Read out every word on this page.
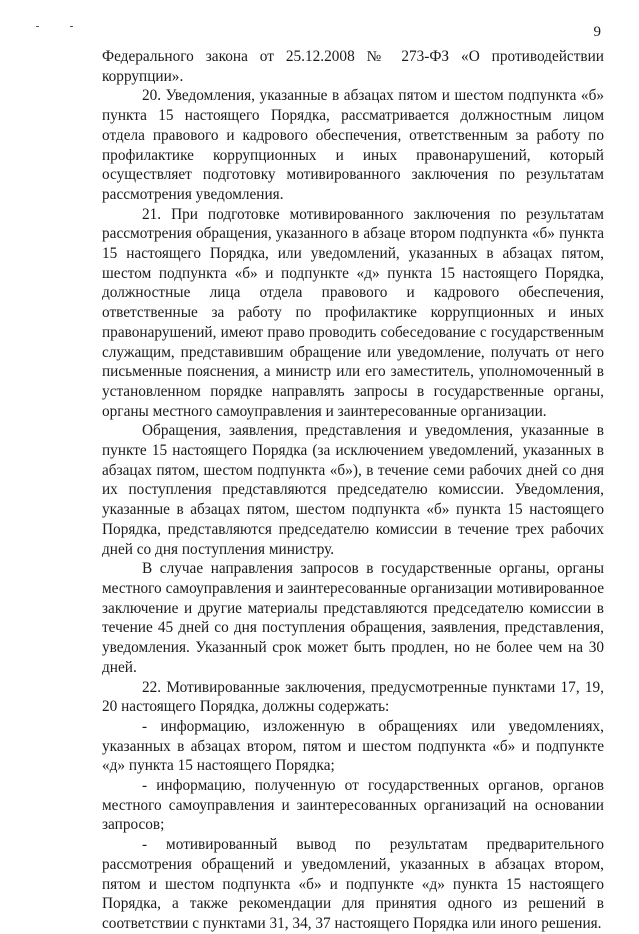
9

Федерального закона от 25.12.2008 № 273-ФЗ «О противодействии коррупции».

20. Уведомления, указанные в абзацах пятом и шестом подпункта «б» пункта 15 настоящего Порядка, рассматривается должностным лицом отдела правового и кадрового обеспечения, ответственным за работу по профилактике коррупционных и иных правонарушений, который осуществляет подготовку мотивированного заключения по результатам рассмотрения уведомления.

21. При подготовке мотивированного заключения по результатам рассмотрения обращения, указанного в абзаце втором подпункта «б» пункта 15 настоящего Порядка, или уведомлений, указанных в абзацах пятом, шестом подпункта «б» и подпункте «д» пункта 15 настоящего Порядка, должностные лица отдела правового и кадрового обеспечения, ответственные за работу по профилактике коррупционных и иных правонарушений, имеют право проводить собеседование с государственным служащим, представившим обращение или уведомление, получать от него письменные пояснения, а министр или его заместитель, уполномоченный в установленном порядке направлять запросы в государственные органы, органы местного самоуправления и заинтересованные организации.

Обращения, заявления, представления и уведомления, указанные в пункте 15 настоящего Порядка (за исключением уведомлений, указанных в абзацах пятом, шестом подпункта «б»), в течение семи рабочих дней со дня их поступления представляются председателю комиссии. Уведомления, указанные в абзацах пятом, шестом подпункта «б» пункта 15 настоящего Порядка, представляются председателю комиссии в течение трех рабочих дней со дня поступления министру.

В случае направления запросов в государственные органы, органы местного самоуправления и заинтересованные организации мотивированное заключение и другие материалы представляются председателю комиссии в течение 45 дней со дня поступления обращения, заявления, представления, уведомления. Указанный срок может быть продлен, но не более чем на 30 дней.

22. Мотивированные заключения, предусмотренные пунктами 17, 19, 20 настоящего Порядка, должны содержать:

- информацию, изложенную в обращениях или уведомлениях, указанных в абзацах втором, пятом и шестом подпункта «б» и подпункте «д» пункта 15 настоящего Порядка;

- информацию, полученную от государственных органов, органов местного самоуправления и заинтересованных организаций на основании запросов;

- мотивированный вывод по результатам предварительного рассмотрения обращений и уведомлений, указанных в абзацах втором, пятом и шестом подпункта «б» и подпункте «д» пункта 15 настоящего Порядка, а также рекомендации для принятия одного из решений в соответствии с пунктами 31, 34, 37 настоящего Порядка или иного решения.
